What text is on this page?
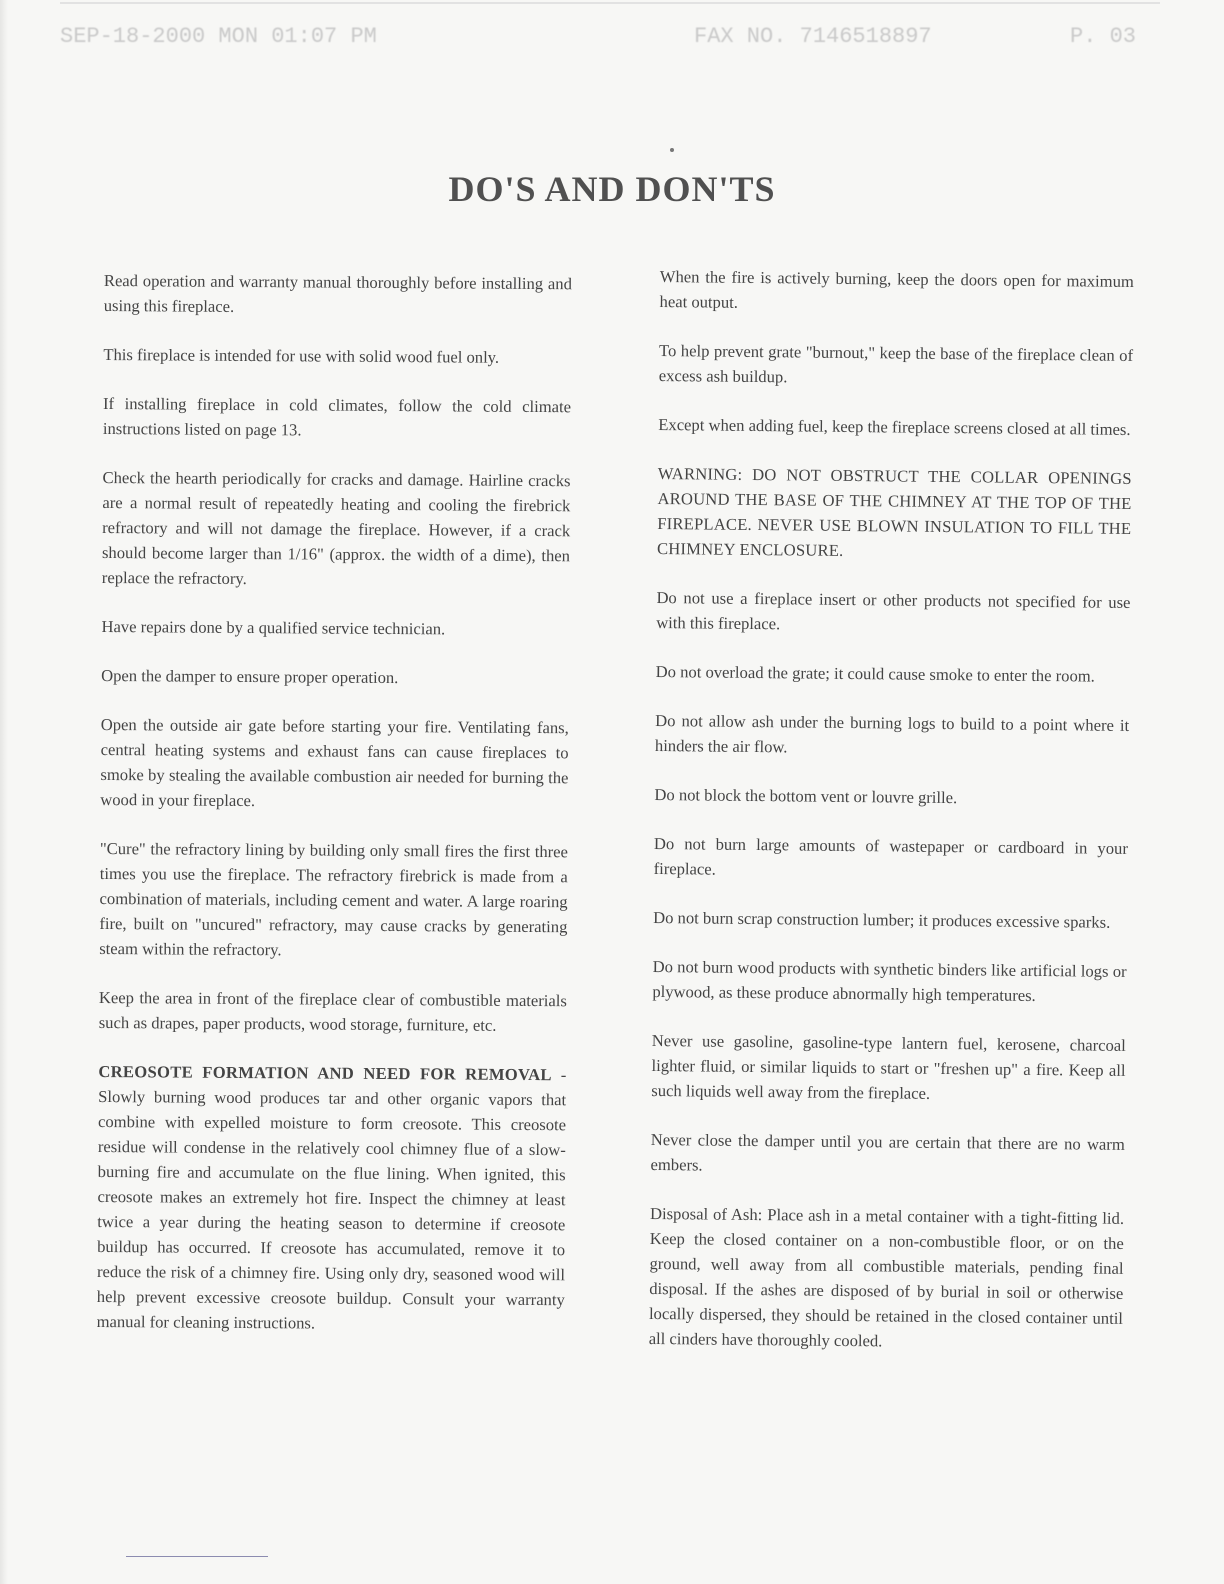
SEP-18-2000 MON 01:07 PM	FAX NO. 7146518897	P. 03
DO'S AND DON'TS

Read operation and warranty manual thoroughly before installing and using this fireplace.

This fireplace is intended for use with solid wood fuel only.

If installing fireplace in cold climates, follow the cold climate instructions listed on page 13.

Check the hearth periodically for cracks and damage. Hairline cracks are a normal result of repeatedly heating and cooling the firebrick refractory and will not damage the fireplace. However, if a crack should become larger than 1/16" (approx. the width of a dime), then replace the refractory.

Have repairs done by a qualified service technician.

Open the damper to ensure proper operation.

Open the outside air gate before starting your fire. Ventilating fans, central heating systems and exhaust fans can cause fireplaces to smoke by stealing the available combustion air needed for burning the wood in your fireplace.

"Cure" the refractory lining by building only small fires the first three times you use the fireplace. The refractory firebrick is made from a combination of materials, including cement and water. A large roaring fire, built on "uncured" refractory, may cause cracks by generating steam within the refractory.

Keep the area in front of the fireplace clear of combustible materials such as drapes, paper products, wood storage, furniture, etc.

CREOSOTE FORMATION AND NEED FOR REMOVAL - Slowly burning wood produces tar and other organic vapors that combine with expelled moisture to form creosote. This creosote residue will condense in the relatively cool chimney flue of a slow-burning fire and accumulate on the flue lining. When ignited, this creosote makes an extremely hot fire. Inspect the chimney at least twice a year during the heating season to determine if creosote buildup has occurred. If creosote has accumulated, remove it to reduce the risk of a chimney fire. Using only dry, seasoned wood will help prevent excessive creosote buildup. Consult your warranty manual for cleaning instructions.

When the fire is actively burning, keep the doors open for maximum heat output.

To help prevent grate "burnout," keep the base of the fireplace clean of excess ash buildup.

Except when adding fuel, keep the fireplace screens closed at all times.

WARNING: DO NOT OBSTRUCT THE COLLAR OPENINGS AROUND THE BASE OF THE CHIMNEY AT THE TOP OF THE FIREPLACE. NEVER USE BLOWN INSULATION TO FILL THE CHIMNEY ENCLOSURE.

Do not use a fireplace insert or other products not specified for use with this fireplace.

Do not overload the grate; it could cause smoke to enter the room.

Do not allow ash under the burning logs to build to a point where it hinders the air flow.

Do not block the bottom vent or louvre grille.

Do not burn large amounts of wastepaper or cardboard in your fireplace.

Do not burn scrap construction lumber; it produces excessive sparks.

Do not burn wood products with synthetic binders like artificial logs or plywood, as these produce abnormally high temperatures.

Never use gasoline, gasoline-type lantern fuel, kerosene, charcoal lighter fluid, or similar liquids to start or "freshen up" a fire. Keep all such liquids well away from the fireplace.

Never close the damper until you are certain that there are no warm embers.

Disposal of Ash: Place ash in a metal container with a tight-fitting lid. Keep the closed container on a non-combustible floor, or on the ground, well away from all combustible materials, pending final disposal. If the ashes are disposed of by burial in soil or otherwise locally dispersed, they should be retained in the closed container until all cinders have thoroughly cooled.
